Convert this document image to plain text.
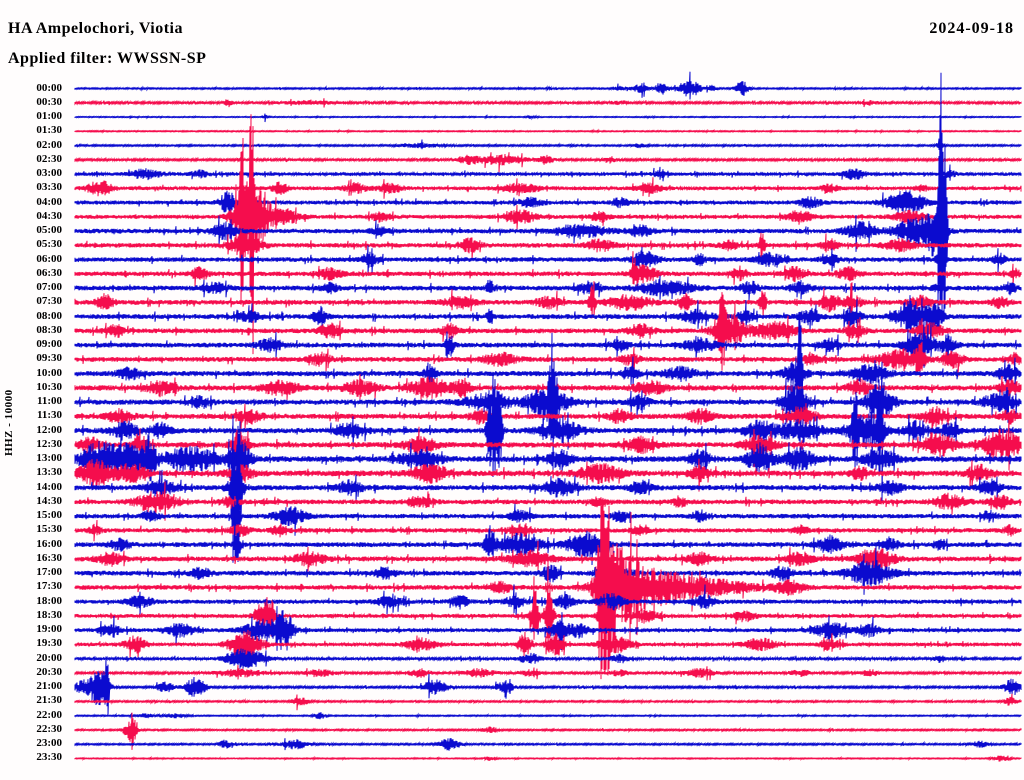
HA Ampelochori, Viotia
Applied filter: WWSSN-SP
2024-09-18
HHZ - 10000
00:00
00:30
01:00
01:30
02:00
02:30
03:00
03:30
04:00
04:30
05:00
05:30
06:00
06:30
07:00
07:30
08:00
08:30
09:00
09:30
10:00
10:30
11:00
11:30
12:00
12:30
13:00
13:30
14:00
14:30
15:00
15:30
16:00
16:30
17:00
17:30
18:00
18:30
19:00
19:30
20:00
20:30
21:00
21:30
22:00
22:30
23:00
23:30
